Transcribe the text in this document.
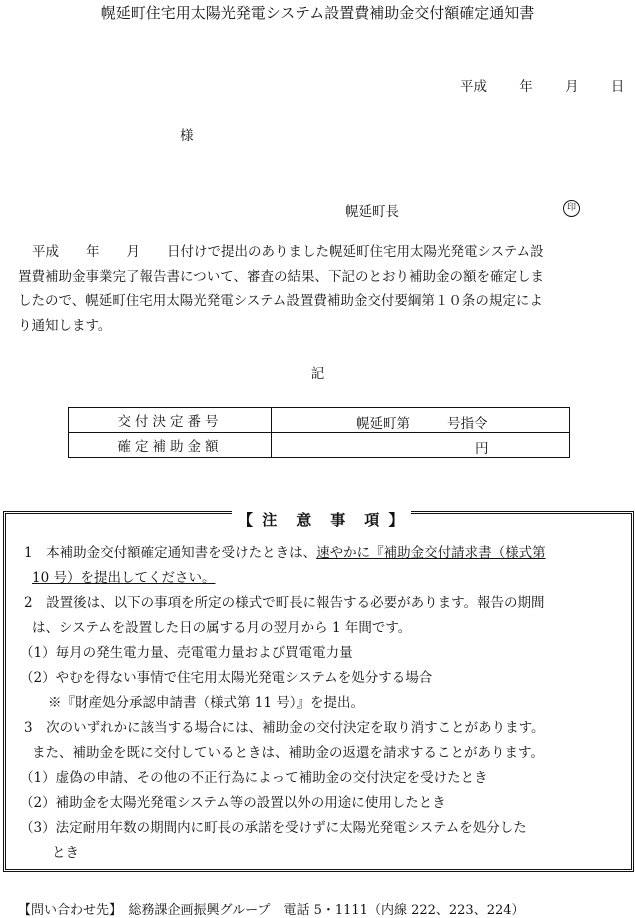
幌延町住宅用太陽光発電システム設置費補助金交付額確定通知書
平成 年 月 日
様
幌延町長	印

平成　　年　　月　　日付けで提出のありました幌延町住宅用太陽光発電システム設

置費補助金事業完了報告書について、審査の結果、下記のとおり補助金の額を確定しま

したので、幌延町住宅用太陽光発電システム設置費補助金交付要綱第１０条の規定によ

り通知します。

記
交付決定番号	幌延町第 号指令

確定補助金額	円
【 注　意　事　項 】
1　本補助金交付額確定通知書を受けたときは、速やかに『補助金交付請求書（様式第
10 号）を提出してください。
2　設置後は、以下の事項を所定の様式で町長に報告する必要があります。報告の期間
は、システムを設置した日の属する月の翌月から 1 年間です。
（1）毎月の発生電力量、売電電力量および買電電力量
（2）やむを得ない事情で住宅用太陽光発電システムを処分する場合
※『財産処分承認申請書（様式第 11 号）』を提出。
3　次のいずれかに該当する場合には、補助金の交付決定を取り消すことがあります。
また、補助金を既に交付しているときは、補助金の返還を請求することがあります。
（1）虚偽の申請、その他の不正行為によって補助金の交付決定を受けたとき
（2）補助金を太陽光発電システム等の設置以外の用途に使用したとき
（3）法定耐用年数の期間内に町長の承諾を受けずに太陽光発電システムを処分した
とき
【問い合わせ先】　総務課企画振興グループ　電話 5・1111（内線 222、223、224）
